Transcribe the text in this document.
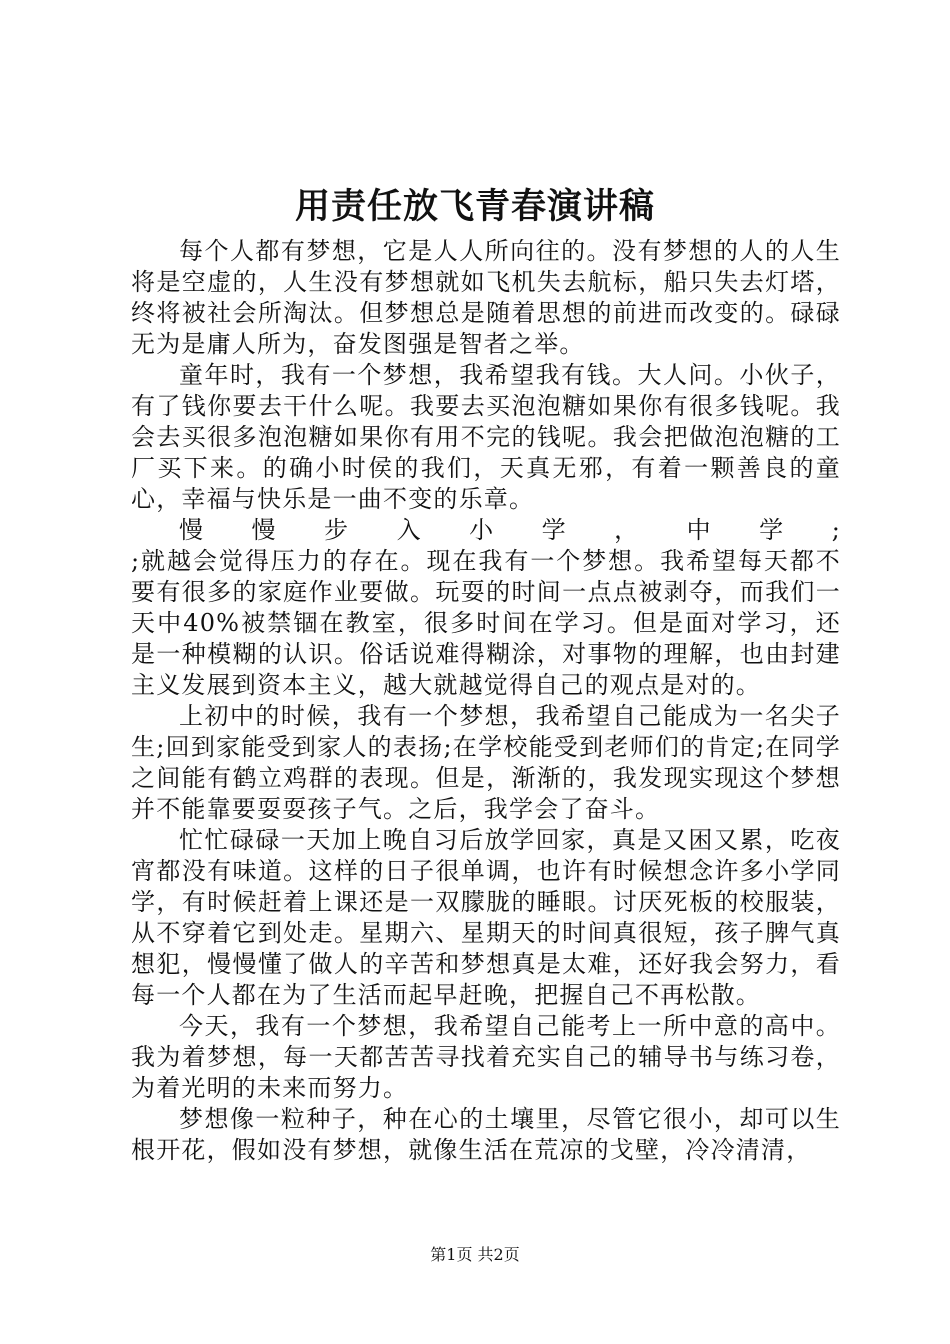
用责任放飞青春演讲稿

每个人都有梦想，它是人人所向往的。没有梦想的人的人生将是空虚的，人生没有梦想就如飞机失去航标，船只失去灯塔，终将被社会所淘汰。但梦想总是随着思想的前进而改变的。碌碌无为是庸人所为，奋发图强是智者之举。

童年时，我有一个梦想，我希望我有钱。大人问。小伙子，有了钱你要去干什么呢。我要去买泡泡糖如果你有很多钱呢。我会去买很多泡泡糖如果你有用不完的钱呢。我会把做泡泡糖的工厂买下来。的确小时侯的我们，天真无邪，有着一颗善良的童心，幸福与快乐是一曲不变的乐章。

慢慢步入小学，中学;

;就越会觉得压力的存在。现在我有一个梦想。我希望每天都不要有很多的家庭作业要做。玩耍的时间一点点被剥夺，而我们一天中40%被禁锢在教室，很多时间在学习。但是面对学习，还是一种模糊的认识。俗话说难得糊涂，对事物的理解，也由封建主义发展到资本主义，越大就越觉得自己的观点是对的。

上初中的时候，我有一个梦想，我希望自己能成为一名尖子生;回到家能受到家人的表扬;在学校能受到老师们的肯定;在同学之间能有鹤立鸡群的表现。但是，渐渐的，我发现实现这个梦想并不能靠要耍耍孩子气。之后，我学会了奋斗。

忙忙碌碌一天加上晚自习后放学回家，真是又困又累，吃夜宵都没有味道。这样的日子很单调，也许有时候想念许多小学同学，有时候赶着上课还是一双朦胧的睡眼。讨厌死板的校服装，从不穿着它到处走。星期六、星期天的时间真很短，孩子脾气真想犯，慢慢懂了做人的辛苦和梦想真是太难，还好我会努力，看每一个人都在为了生活而起早赶晚，把握自己不再松散。

今天，我有一个梦想，我希望自己能考上一所中意的高中。我为着梦想，每一天都苦苦寻找着充实自己的辅导书与练习卷，为着光明的未来而努力。

梦想像一粒种子，种在心的土壤里，尽管它很小，却可以生根开花，假如没有梦想，就像生活在荒凉的戈壁，冷冷清清，

第1页 共2页
